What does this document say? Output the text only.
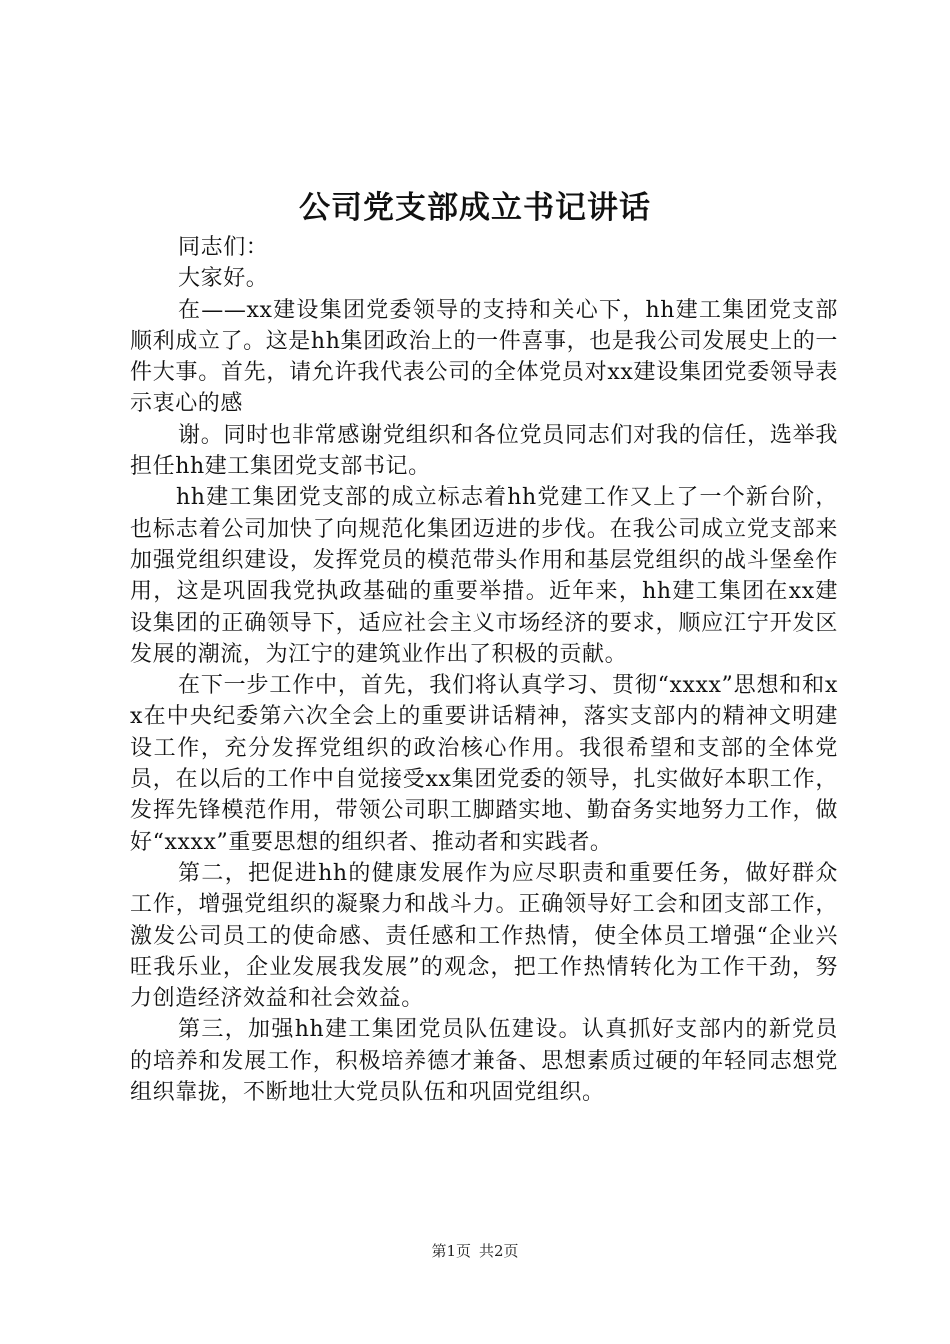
公司党支部成立书记讲话

同志们：

大家好。

在——xx建设集团党委领导的支持和关心下，hh建工集团党支部顺利成立了。这是hh集团政治上的一件喜事，也是我公司发展史上的一件大事。首先，请允许我代表公司的全体党员对xx建设集团党委领导表示衷心的感

谢。同时也非常感谢党组织和各位党员同志们对我的信任，选举我担任hh建工集团党支部书记。

hh建工集团党支部的成立标志着hh党建工作又上了一个新台阶，也标志着公司加快了向规范化集团迈进的步伐。在我公司成立党支部来加强党组织建设，发挥党员的模范带头作用和基层党组织的战斗堡垒作用，这是巩固我党执政基础的重要举措。近年来，hh建工集团在xx建设集团的正确领导下，适应社会主义市场经济的要求，顺应江宁开发区发展的潮流，为江宁的建筑业作出了积极的贡献。

在下一步工作中，首先，我们将认真学习、贯彻“xxxx”思想和和xx在中央纪委第六次全会上的重要讲话精神，落实支部内的精神文明建设工作，充分发挥党组织的政治核心作用。我很希望和支部的全体党员，在以后的工作中自觉接受xx集团党委的领导，扎实做好本职工作，发挥先锋模范作用，带领公司职工脚踏实地、勤奋务实地努力工作，做好“xxxx”重要思想的组织者、推动者和实践者。

第二，把促进hh的健康发展作为应尽职责和重要任务，做好群众工作，增强党组织的凝聚力和战斗力。正确领导好工会和团支部工作，激发公司员工的使命感、责任感和工作热情，使全体员工增强“企业兴旺我乐业，企业发展我发展”的观念，把工作热情转化为工作干劲，努力创造经济效益和社会效益。

第三，加强hh建工集团党员队伍建设。认真抓好支部内的新党员的培养和发展工作，积极培养德才兼备、思想素质过硬的年轻同志想党组织靠拢，不断地壮大党员队伍和巩固党组织。

第1页 共2页
